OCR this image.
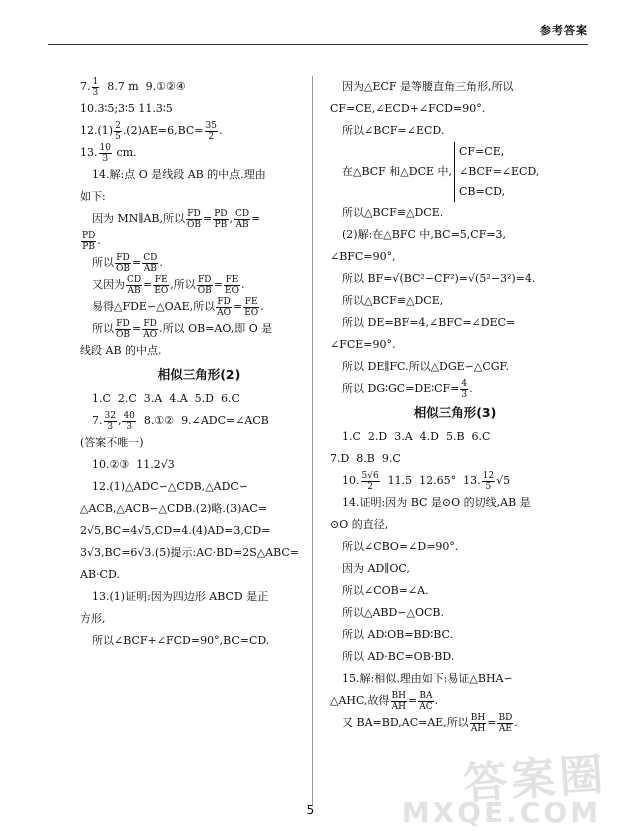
参考答案
7. $\frac{1}{3} 8.7$ m  9.①②④
10.3∶5;3∶5 11.3∶5
$12.(1) \frac{2}{5} .(2)AE=6,BC= \frac{35}{2}$ .
13. $\frac{10}{3}$ cm.
14.解:点 O 是线段 AB 的中点.理由
如下:
因为 MN∥AB,所以 $\frac{FD}{OB} = \frac{PD}{PB}$ , $\frac{CD}{AB}$ =
$\frac{PD}{PB}$ .
所以 $\frac{FD}{OB} = \frac{CD}{AB}$ .
又因为 $\frac{CD}{AB} = \frac{FE}{EO}$ ,所以 $\frac{FD}{OB} = \frac{FE}{EO}$ .
易得△FDE∽△OAE,所以 $\frac{FD}{AO} = \frac{FE}{EO}$ .
所以 $\frac{FD}{OB} = \frac{FD}{AO}$ .所以 OB=AO,即 O 是
线段 AB 的中点.
相似三角形(2)
1.C  2.C  3.A  4.A  5.D  6.C
7. $\frac{32}{3}$ , $\frac{40}{3}$ 8.①②  9.∠ADC=∠ACB
(答案不唯一)
10.②③  11.2√3
12.(1)△ADC∽△CDB,△ADC∽
△ACB,△ACB∽△CDB.(2)略.(3)AC=
2√5,BC=4√5,CD=4.(4)AD=3,CD=
3√3,BC=6√3.(5)提示:AC·BD=2S△ABC=
AB·CD.
13.(1)证明:因为四边形 ABCD 是正
方形,
所以∠BCF+∠FCD=90°,BC=CD.
因为△ECF 是等腰直角三角形,所以
CF=CE,∠ECD+∠FCD=90°.
所以∠BCF=∠ECD.
在△BCF 和△DCE 中,
CF=CE,
∠BCF=∠ECD,
CB=CD,
所以△BCF≌△DCE.
(2)解:在△BFC 中,BC=5,CF=3,
∠BFC=90°,
所以 BF=√(BC²−CF²)=√(5²−3²)=4.
所以△BCF≌△DCE,
所以 DE=BF=4,∠BFC=∠DEC=
∠FCE=90°.
所以 DE∥FC.所以△DGE∽△CGF.
所以 DG∶GC=DE∶CF= $\frac{4}{3}$ .
相似三角形(3)
1.C  2.D  3.A  4.D  5.B  6.C
7.D  8.B  9.C
10. $\frac{5√6}{2} 11.5$  12.65°  13. $\frac{12}{5} √5$
14.证明:因为 BC 是⊙O 的切线,AB 是
⊙O 的直径,
所以∠CBO=∠D=90°.
因为 AD∥OC,
所以∠COB=∠A.
所以△ABD∽△OCB.
所以 AD∶OB=BD∶BC.
所以 AD·BC=OB·BD.
15.解:相似.理由如下:易证△BHA∽
△AHC,故得 $\frac{BH}{AH} = \frac{BA}{AC}$ .
又 BA=BD,AC=AE,所以 $\frac{BH}{AH} = \frac{BD}{AE}$ .
答案圈
MXQE.COM
5
